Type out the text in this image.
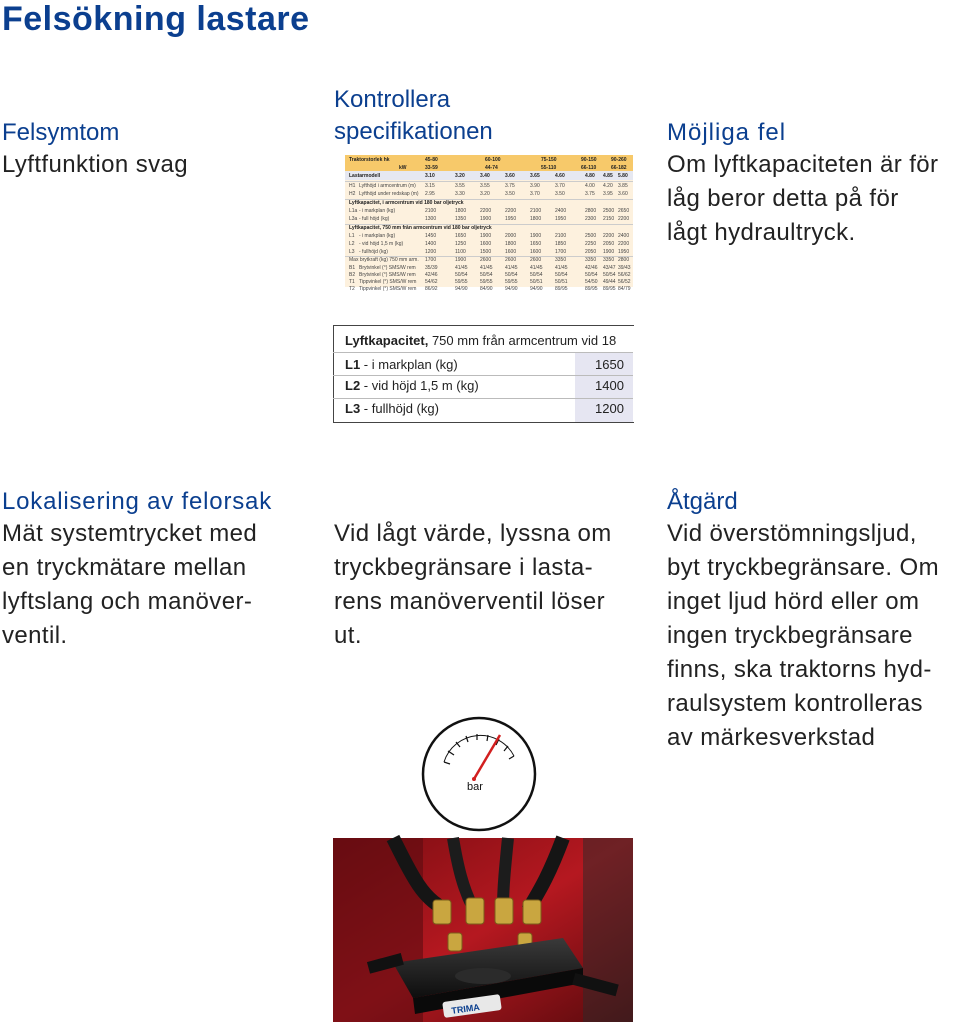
Felsökning lastare
Felsymtom
Lyftfunktion svag
Kontrollera
specifikationen	Möjliga fel
Om lyftkapaciteten är för
låg beror detta på för
lågt hydraultryck.
Traktorstorlek hk	45-80	60-100	75-150	90-150	90-260
kW	33-59	44-74	55-110	66-110	66-182
Lastarmodell	3.10	3.20	3.40	3.60	3.65	4.60	4.80 4.85 5.80
H1 Lyfthöjd i armcentrum (m) 3.15	3.55	3.55	3.75	3.90	3.70	4.00 4.20 3.85
H2 Lyfthöjd under redskap (m) 2.95	3.30	3.20	3.50	3.70	3.50	3.75 3.95 3.60
Lyftkapacitet, i armcentrum vid 180 bar oljetryck
L1a - i markplan (kg)	2100	1800	2200	2200	2100	2400	2800 2500 2650
L3a - full höjd (kg)	1300	1350	1900	1950	1800	1950	2300 2150 2200
Lyftkapacitet, 750 mm från armcentrum vid 180 bar oljetryck
L1 - i markplan (kg)	1450	1650	1900	2000	1900	2100	2500 2200 2400
L2 - vid höjd 1,5 m (kg)	1400	1250	1600	1800	1650	1850	2250 2050 2200
L3 - fullhöjd (kg)	1200	1100	1500	1600	1600	1700	2050 1900 1950
Max brytkraft (kg) 750 mm arm. 1700	1900	2600	2600	2600	3350	3350 3350 2800
B1 Brytvinkel (°) SMS/W rem 35/39	41/45 41/45 41/45 41/45 41/45	42/46 43/47 39/43
B2 Brytvinkel (°) SMS/W rem 42/46	50/54 50/54 50/54 50/54 50/54	50/54 50/54 56/62
T1 Tippvinkel (°) SMS/W rem 54/62	59/55 59/55 59/55 50/51 50/51	54/50 49/44 56/52
T2 Tippvinkel (°) SMS/W rem 86/92	94/90 84/90 94/90 94/90 89/95	89/95 89/95 84/79
Lyftkapacitet, 750 mm från armcentrum vid 18
L1 - i markplan (kg)	1650
L2 - vid höjd 1,5 m (kg)	1400
L3 - fullhöjd (kg)	1200
Lokalisering av felorsak
Mät systemtrycket med
en tryckmätare mellan
lyftslang och manöver-
ventil.
Vid lågt värde, lyssna om
tryckbegränsare i lasta-
rens manöverventil löser
ut.
Åtgärd
Vid överstömningsljud,
byt tryckbegränsare. Om
inget ljud hörd eller om
ingen tryckbegränsare
finns, ska traktorns hyd-
raulsystem kontrolleras
av märkesverkstad
bar
TRIMA
